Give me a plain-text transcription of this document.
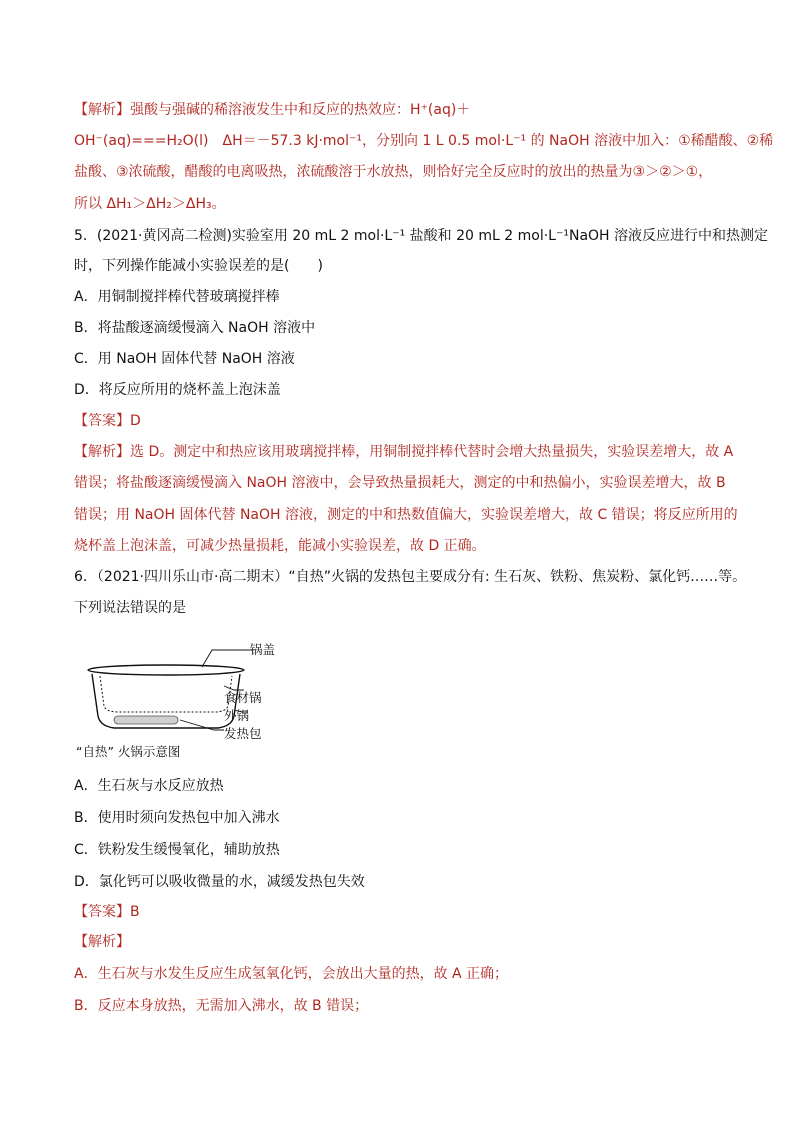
【解析】强酸与强碱的稀溶液发生中和反应的热效应：H⁺(aq)＋
OH⁻(aq)===H₂O(l)　ΔH＝－57.3 kJ·mol⁻¹，分别向 1 L 0.5 mol·L⁻¹ 的 NaOH 溶液中加入：①稀醋酸、②稀
盐酸、③浓硫酸，醋酸的电离吸热，浓硫酸溶于水放热，则恰好完全反应时的放出的热量为③＞②＞①，
所以 ΔH₁＞ΔH₂＞ΔH₃。
5．(2021·黄冈高二检测)实验室用 20 mL 2 mol·L⁻¹ 盐酸和 20 mL 2 mol·L⁻¹NaOH 溶液反应进行中和热测定
时，下列操作能减小实验误差的是(　　)
A．用铜制搅拌棒代替玻璃搅拌棒
B．将盐酸逐滴缓慢滴入 NaOH 溶液中
C．用 NaOH 固体代替 NaOH 溶液
D．将反应所用的烧杯盖上泡沫盖
【答案】D
【解析】选 D。测定中和热应该用玻璃搅拌棒，用铜制搅拌棒代替时会增大热量损失，实验误差增大，故 A
错误；将盐酸逐滴缓慢滴入 NaOH 溶液中，会导致热量损耗大，测定的中和热偏小，实验误差增大，故 B
错误；用 NaOH 固体代替 NaOH 溶液，测定的中和热数值偏大，实验误差增大，故 C 错误；将反应所用的
烧杯盖上泡沫盖，可减少热量损耗，能减小实验误差，故 D 正确。
6．（2021·四川乐山市·高二期末）“自热”火锅的发热包主要成分有: 生石灰、铁粉、焦炭粉、氯化钙……等。
下列说法错误的是
锅盖
食材锅
外锅
发热包
“自热” 火锅示意图
A．生石灰与水反应放热
B．使用时须向发热包中加入沸水
C．铁粉发生缓慢氧化，辅助放热
D．氯化钙可以吸收微量的水，减缓发热包失效
【答案】B
【解析】
A．生石灰与水发生反应生成氢氧化钙，会放出大量的热，故 A 正确；
B．反应本身放热，无需加入沸水，故 B 错误；
